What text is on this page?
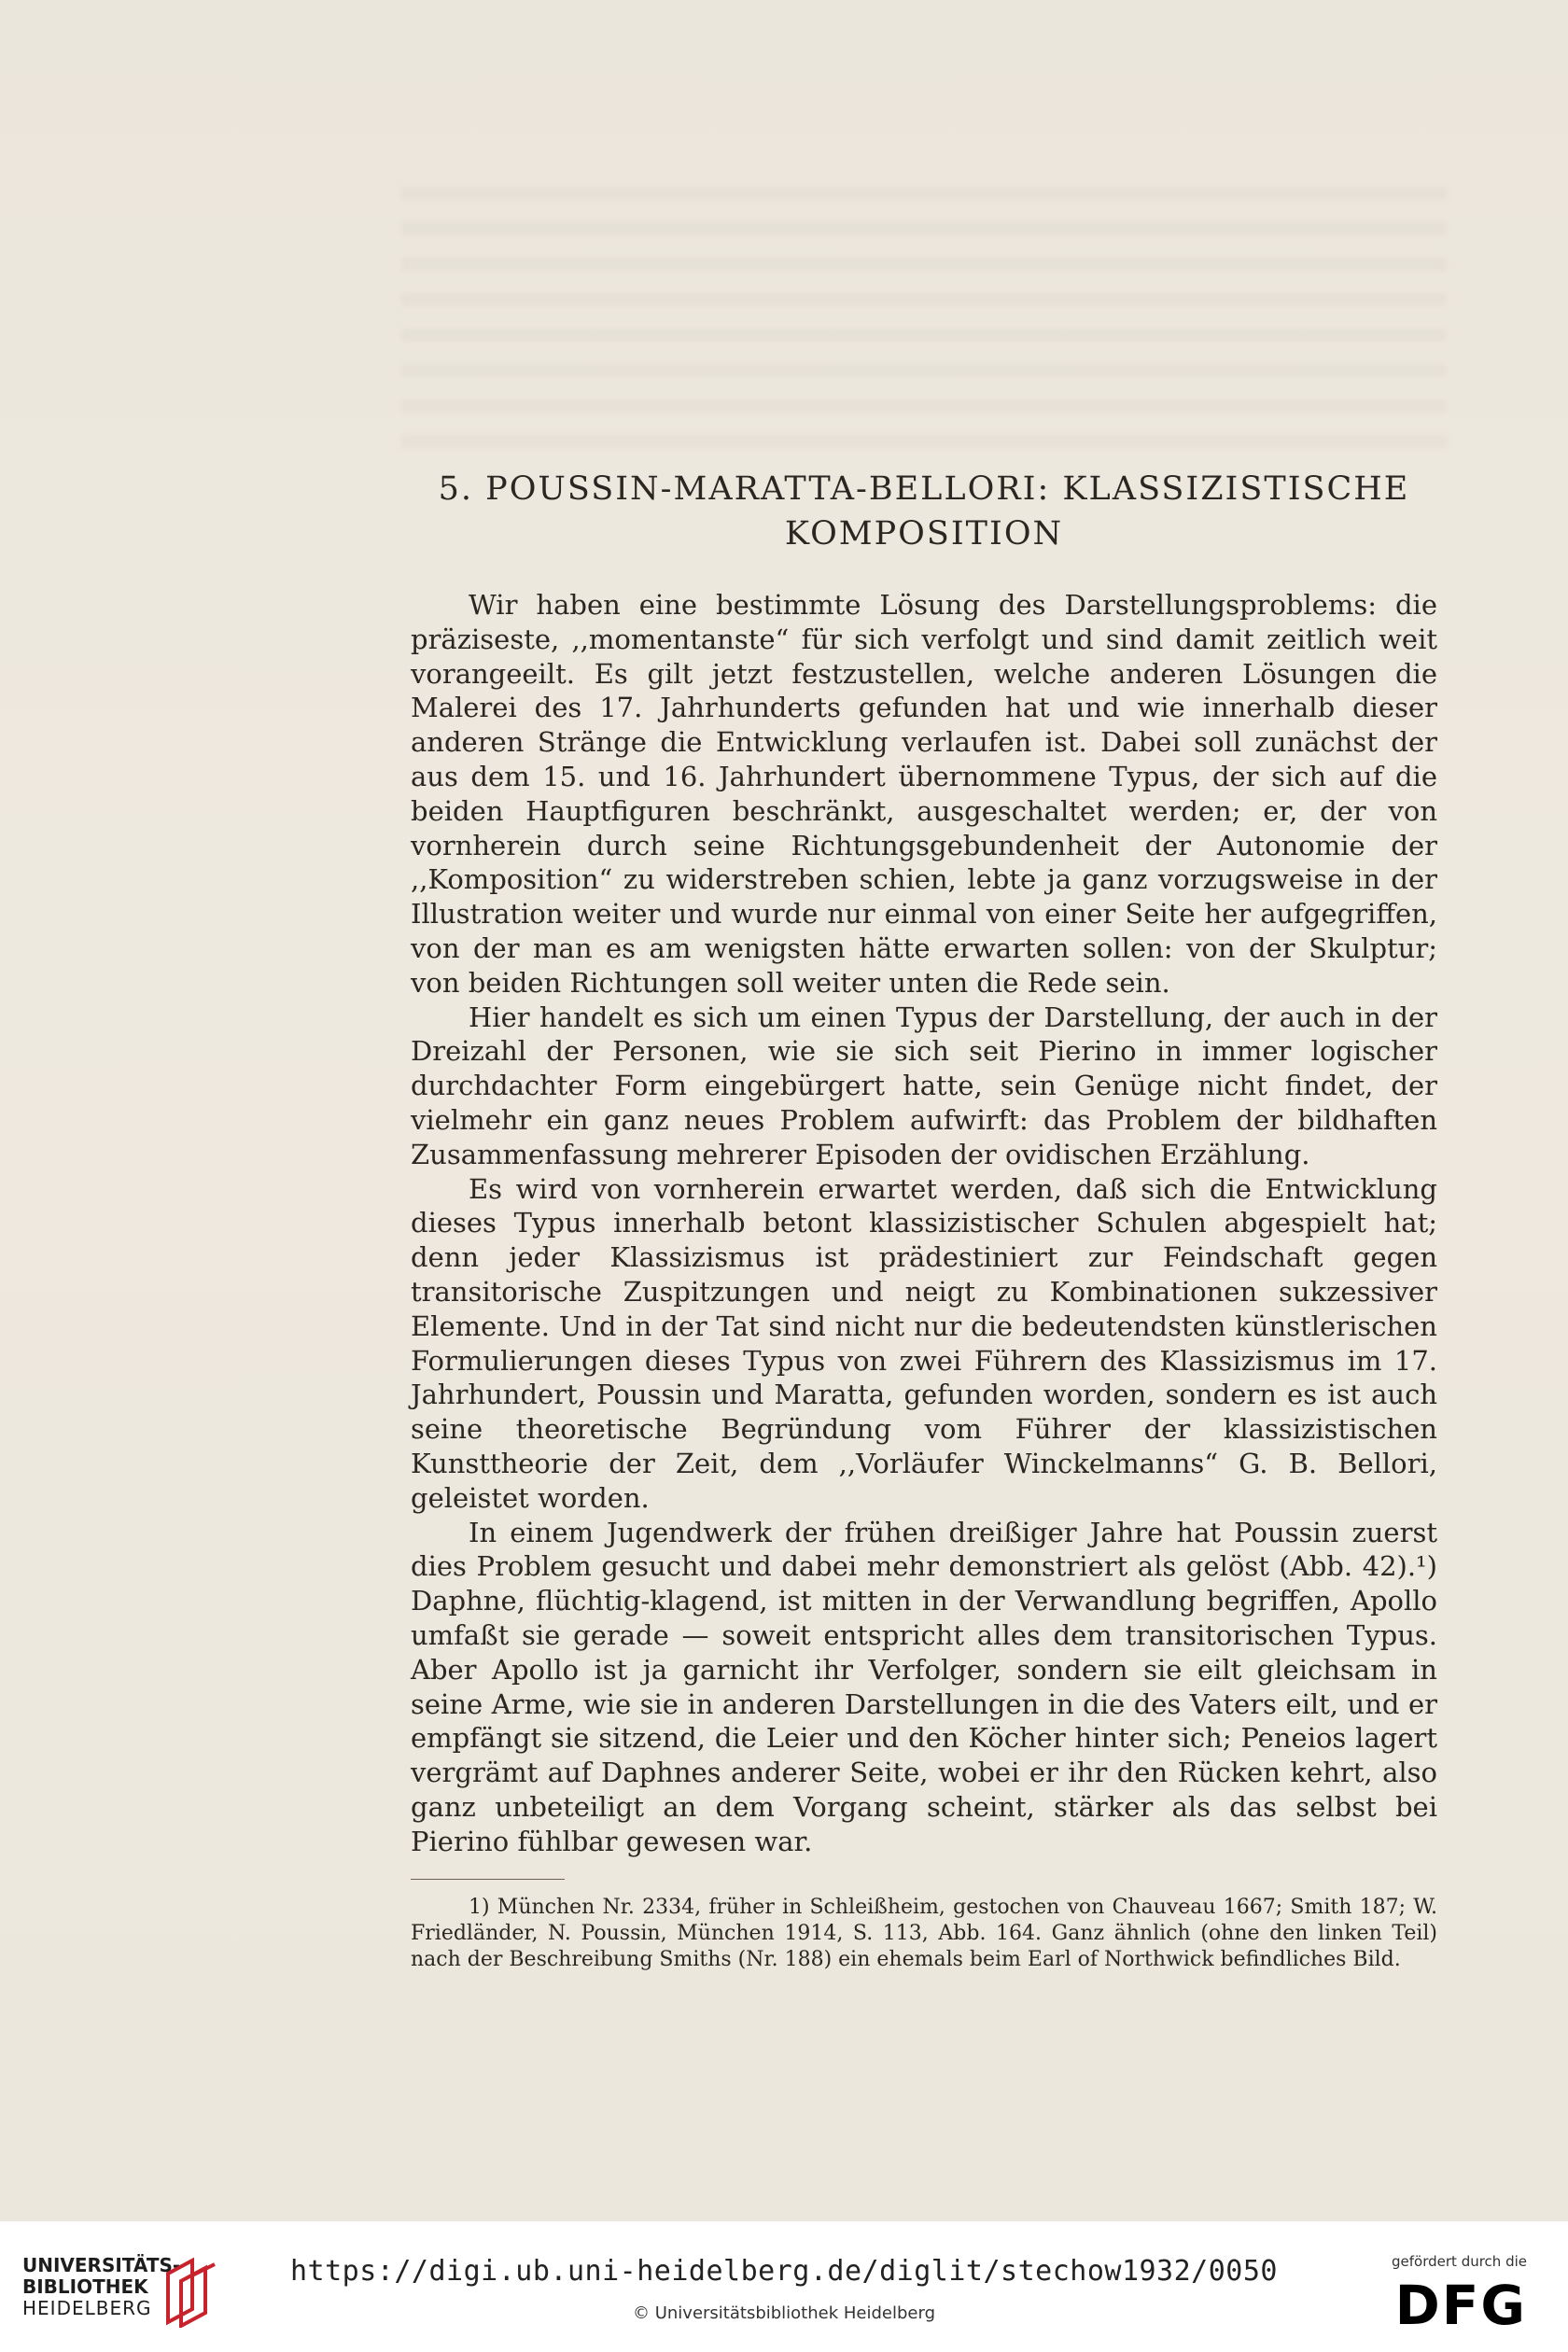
5. POUSSIN-MARATTA-BELLORI: KLASSIZISTISCHE
KOMPOSITION

Wir haben eine bestimmte Lösung des Darstellungsproblems: die präziseste, ,,momentanste“ für sich verfolgt und sind damit zeitlich weit vorangeeilt. Es gilt jetzt festzustellen, welche anderen Lösungen die Malerei des 17. Jahrhunderts gefunden hat und wie innerhalb dieser anderen Stränge die Entwicklung verlaufen ist. Dabei soll zunächst der aus dem 15. und 16. Jahrhundert übernommene Typus, der sich auf die beiden Hauptfiguren beschränkt, ausgeschaltet werden; er, der von vornherein durch seine Richtungsgebundenheit der Autonomie der ,,Komposition“ zu widerstreben schien, lebte ja ganz vorzugsweise in der Illustration weiter und wurde nur einmal von einer Seite her aufgegriffen, von der man es am wenigsten hätte erwarten sollen: von der Skulptur; von beiden Richtungen soll weiter unten die Rede sein.

Hier handelt es sich um einen Typus der Darstellung, der auch in der Dreizahl der Personen, wie sie sich seit Pierino in immer logischer durchdachter Form eingebürgert hatte, sein Genüge nicht findet, der vielmehr ein ganz neues Problem aufwirft: das Problem der bildhaften Zusammenfassung mehrerer Episoden der ovidischen Erzählung.

Es wird von vornherein erwartet werden, daß sich die Entwicklung dieses Typus innerhalb betont klassizistischer Schulen abgespielt hat; denn jeder Klassizismus ist prädestiniert zur Feindschaft gegen transitorische Zuspitzungen und neigt zu Kombinationen sukzessiver Elemente. Und in der Tat sind nicht nur die bedeutendsten künstlerischen Formulierungen dieses Typus von zwei Führern des Klassizismus im 17. Jahrhundert, Poussin und Maratta, gefunden worden, sondern es ist auch seine theoretische Begründung vom Führer der klassizistischen Kunsttheorie der Zeit, dem ,,Vorläufer Winckelmanns“ G. B. Bellori, geleistet worden.

In einem Jugendwerk der frühen dreißiger Jahre hat Poussin zuerst dies Problem gesucht und dabei mehr demonstriert als gelöst (Abb. 42).¹) Daphne, flüchtig-klagend, ist mitten in der Verwandlung begriffen, Apollo umfaßt sie gerade — soweit entspricht alles dem transitorischen Typus. Aber Apollo ist ja garnicht ihr Verfolger, sondern sie eilt gleichsam in seine Arme, wie sie in anderen Darstellungen in die des Vaters eilt, und er empfängt sie sitzend, die Leier und den Köcher hinter sich; Peneios lagert vergrämt auf Daphnes anderer Seite, wobei er ihr den Rücken kehrt, also ganz unbeteiligt an dem Vorgang scheint, stärker als das selbst bei Pierino fühlbar gewesen war.

1) München Nr. 2334, früher in Schleißheim, gestochen von Chauveau 1667; Smith 187; W. Friedländer, N. Poussin, München 1914, S. 113, Abb. 164. Ganz ähnlich (ohne den linken Teil) nach der Beschreibung Smiths (Nr. 188) ein ehemals beim Earl of Northwick befindliches Bild.

UNIVERSITÄTS-
BIBLIOTHEK
HEIDELBERG
https://digi.ub.uni-heidelberg.de/diglit/stechow1932/0050
© Universitätsbibliothek Heidelberg
gefördert durch die
DFG
